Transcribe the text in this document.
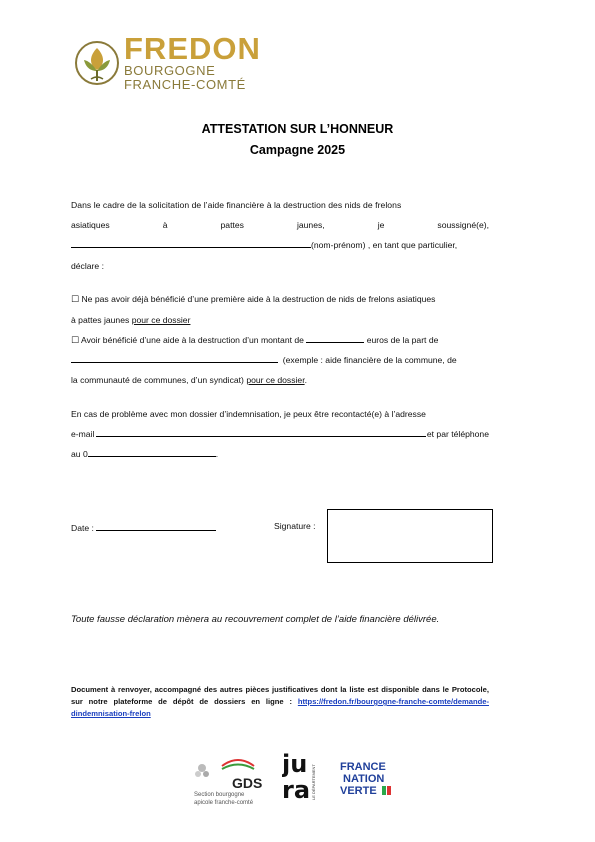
FREDON
BOURGOGNE
FRANCHE-COMTÉ
ATTESTATION SUR L’HONNEUR
Campagne 2025
Dans le cadre de la solicitation de l’aide financière à la destruction des nids de frelons
asiatiques	à	pattes	jaunes,	je	soussigné(e),
(nom-prénom) , en tant que particulier,
déclare :
☐ Ne pas avoir déjà bénéficié d’une première aide à la destruction de nids de frelons asiatiques
à pattes jaunes pour ce dossier
☐ Avoir bénéficié d’une aide à la destruction d’un montant de	euros de la part de
(exemple : aide financière de la commune, de
la communauté de communes, d’un syndicat) pour ce dossier.
En cas de problème avec mon dossier d’indemnisation, je peux être recontacté(e) à l’adresse
e-mail	et par téléphone
au 0	.
Date :	Signature :
Toute fausse déclaration mènera au recouvrement complet de l’aide financière délivrée.
Document à renvoyer, accompagné des autres pièces justificatives dont la liste est disponible dans le Protocole, sur notre plateforme de dépôt de dossiers en ligne : https://fredon.fr/bourgogne-franche-comte/demande-dindemnisation-frelon
GDS
Section bourgogne
apicole franche-comté
ju
ra LE DÉPARTEMENT FRANCE
NATION
VERTE
